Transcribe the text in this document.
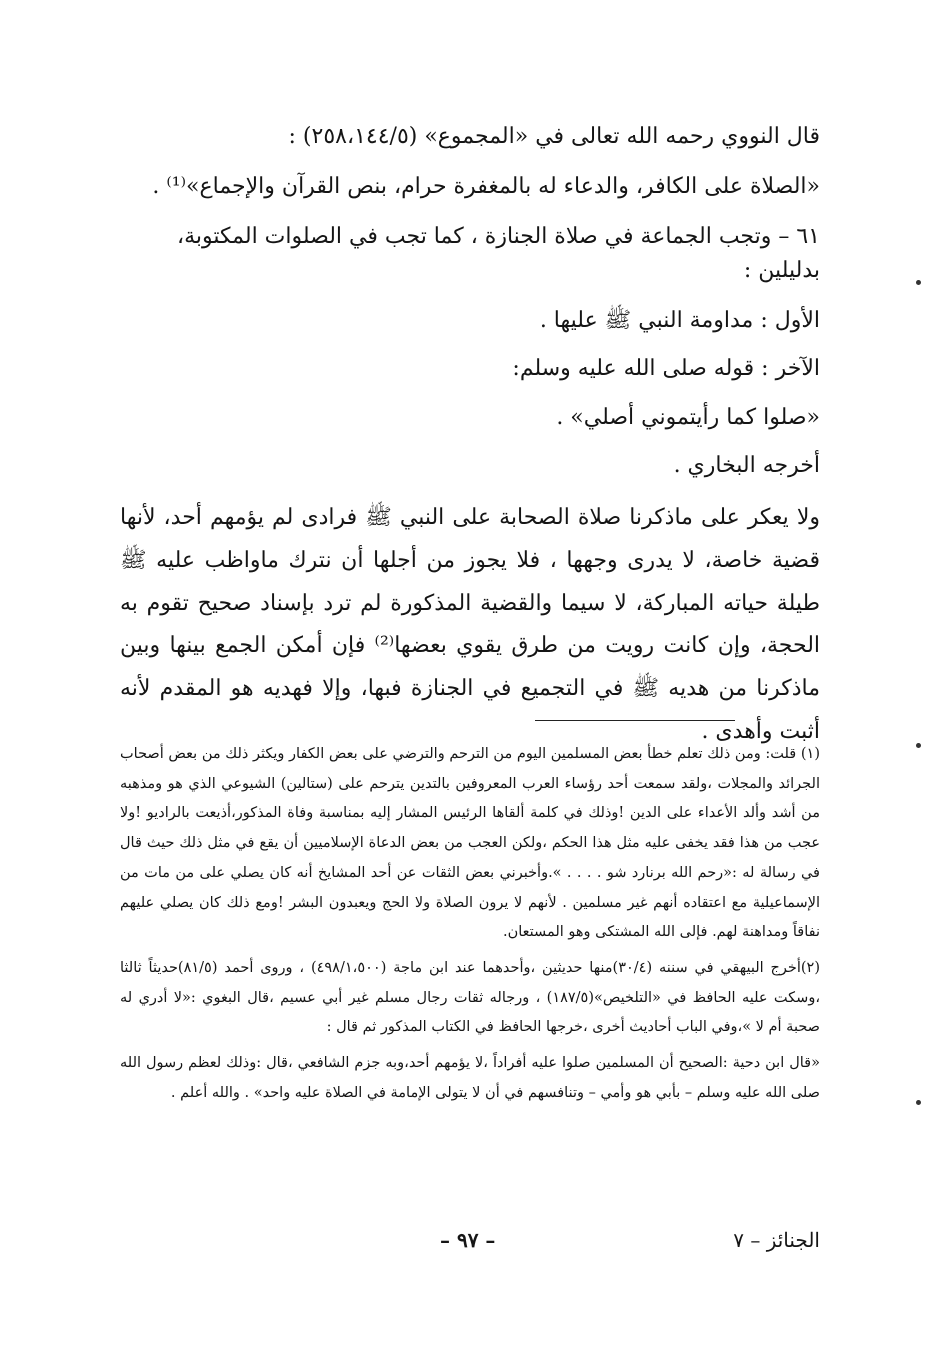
قال النووي رحمه الله تعالى في «المجموع» (٢٥٨،١٤٤/٥) :

«الصلاة على الكافر، والدعاء له بالمغفرة حرام، بنص القرآن والإجماع»⁽¹⁾ .

٦١ – وتجب الجماعة في صلاة الجنازة ، كما تجب في الصلوات المكتوبة، بدليلين :

الأول : مداومة النبي ﷺ عليها .

الآخر : قوله صلى الله عليه وسلم:

«صلوا كما رأيتموني أصلي» .

أخرجه البخاري .

ولا يعكر على ماذكرنا صلاة الصحابة على النبي ﷺ فرادى لم يؤمهم أحد، لأنها قضية خاصة، لا يدرى وجهها ، فلا يجوز من أجلها أن نترك ماواظب عليه ﷺ طيلة حياته المباركة، لا سيما والقضية المذكورة لم ترد بإسناد صحيح تقوم به الحجة، وإن كانت رويت من طرق يقوي بعضها⁽²⁾ فإن أمكن الجمع بينها وبين ماذكرنا من هديه ﷺ في التجميع في الجنازة فبها، وإلا فهديه هو المقدم لأنه أثبت وأهدى .

(١) قلت: ومن ذلك تعلم خطأ بعض المسلمين اليوم من الترحم والترضي على بعض الكفار ويكثر ذلك من بعض أصحاب الجرائد والمجلات ،ولقد سمعت أحد رؤساء العرب المعروفين بالتدين يترحم على (ستالين) الشيوعي الذي هو ومذهبه من أشد وألد الأعداء على الدين !وذلك في كلمة ألقاها الرئيس المشار إليه بمناسبة وفاة المذكور،أذيعت بالراديو !ولا عجب من هذا فقد يخفى عليه مثل هذا الحكم ،ولكن العجب من بعض الدعاة الإسلاميين أن يقع في مثل ذلك حيث قال في رسالة له :«رحم الله برنارد شو . . . . ».وأخبرني بعض الثقات عن أحد المشايخ أنه كان يصلي على من مات من الإسماعيلية مع اعتقاده أنهم غير مسلمين . لأنهم لا يرون الصلاة ولا الحج ويعبدون البشر !ومع ذلك كان يصلي عليهم نفاقاً ومداهنة لهم. فإلى الله المشتكى وهو المستعان.

(٢)أخرج البيهقي في سننه (٣٠/٤)منها حديثين ،وأحدهما عند ابن ماجة (٤٩٨/١،٥٠٠) ، وروى أحمد (٨١/٥)حديثاً ثالثا ،وسكت عليه الحافظ في «التلخيص»(١٨٧/٥) ، ورجاله ثقات رجال مسلم غير أبي عسيم ،قال البغوي :«لا أدري له صحبة أم لا »،وفي الباب أحاديث أخرى ،خرجها الحافظ في الكتاب المذكور ثم قال :

«قال ابن دحية :الصحيح أن المسلمين صلوا عليه أفراداً ،لا يؤمهم أحد،وبه جزم الشافعي ،قال :وذلك لعظم رسول الله صلى الله عليه وسلم – بأبي هو وأمي – وتنافسهم في أن لا يتولى الإمامة في الصلاة عليه واحد» . والله أعلم .

الجنائز – ٧
– ٩٧ –
